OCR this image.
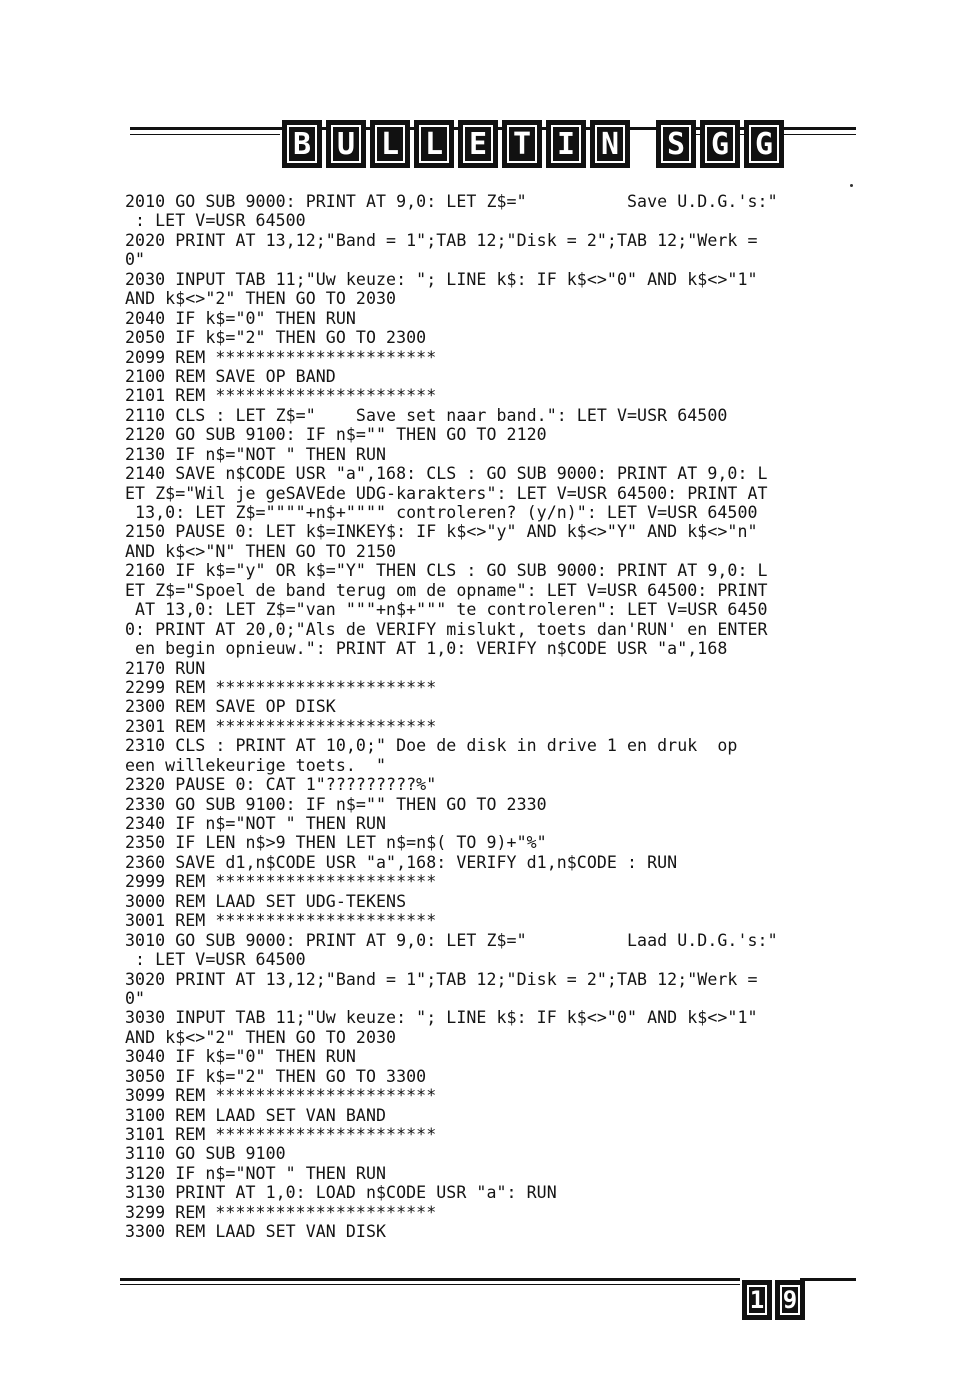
B U L L E T I N	S G G
2010 GO SUB 9000: PRINT AT 9,0: LET Z$="          Save U.D.G.'s:"
: LET V=USR 64500
2020 PRINT AT 13,12;"Band = 1";TAB 12;"Disk = 2";TAB 12;"Werk =
0"
2030 INPUT TAB 11;"Uw keuze: "; LINE k$: IF k$<>"0" AND k$<>"1"
AND k$<>"2" THEN GO TO 2030
2040 IF k$="0" THEN RUN
2050 IF k$="2" THEN GO TO 2300
2099 REM **********************
2100 REM SAVE OP BAND
2101 REM **********************
2110 CLS : LET Z$="    Save set naar band.": LET V=USR 64500
2120 GO SUB 9100: IF n$="" THEN GO TO 2120
2130 IF n$="NOT " THEN RUN
2140 SAVE n$CODE USR "a",168: CLS : GO SUB 9000: PRINT AT 9,0: L
ET Z$="Wil je geSAVEde UDG-karakters": LET V=USR 64500: PRINT AT
13,0: LET Z$=""""+n$+"""" controleren? (y/n)": LET V=USR 64500
2150 PAUSE 0: LET k$=INKEY$: IF k$<>"y" AND k$<>"Y" AND k$<>"n"
AND k$<>"N" THEN GO TO 2150
2160 IF k$="y" OR k$="Y" THEN CLS : GO SUB 9000: PRINT AT 9,0: L
ET Z$="Spoel de band terug om de opname": LET V=USR 64500: PRINT
AT 13,0: LET Z$="van """+n$+""" te controleren": LET V=USR 6450
0: PRINT AT 20,0;"Als de VERIFY mislukt, toets dan'RUN' en ENTER
en begin opnieuw.": PRINT AT 1,0: VERIFY n$CODE USR "a",168
2170 RUN
2299 REM **********************
2300 REM SAVE OP DISK
2301 REM **********************
2310 CLS : PRINT AT 10,0;" Doe de disk in drive 1 en druk  op
een willekeurige toets.  "
2320 PAUSE 0: CAT 1"?????????%"
2330 GO SUB 9100: IF n$="" THEN GO TO 2330
2340 IF n$="NOT " THEN RUN
2350 IF LEN n$>9 THEN LET n$=n$( TO 9)+"%"
2360 SAVE d1,n$CODE USR "a",168: VERIFY d1,n$CODE : RUN
2999 REM **********************
3000 REM LAAD SET UDG-TEKENS
3001 REM **********************
3010 GO SUB 9000: PRINT AT 9,0: LET Z$="          Laad U.D.G.'s:"
: LET V=USR 64500
3020 PRINT AT 13,12;"Band = 1";TAB 12;"Disk = 2";TAB 12;"Werk =
0"
3030 INPUT TAB 11;"Uw keuze: "; LINE k$: IF k$<>"0" AND k$<>"1"
AND k$<>"2" THEN GO TO 2030
3040 IF k$="0" THEN RUN
3050 IF k$="2" THEN GO TO 3300
3099 REM **********************
3100 REM LAAD SET VAN BAND
3101 REM **********************
3110 GO SUB 9100
3120 IF n$="NOT " THEN RUN
3130 PRINT AT 1,0: LOAD n$CODE USR "a": RUN
3299 REM **********************
3300 REM LAAD SET VAN DISK
1 9
